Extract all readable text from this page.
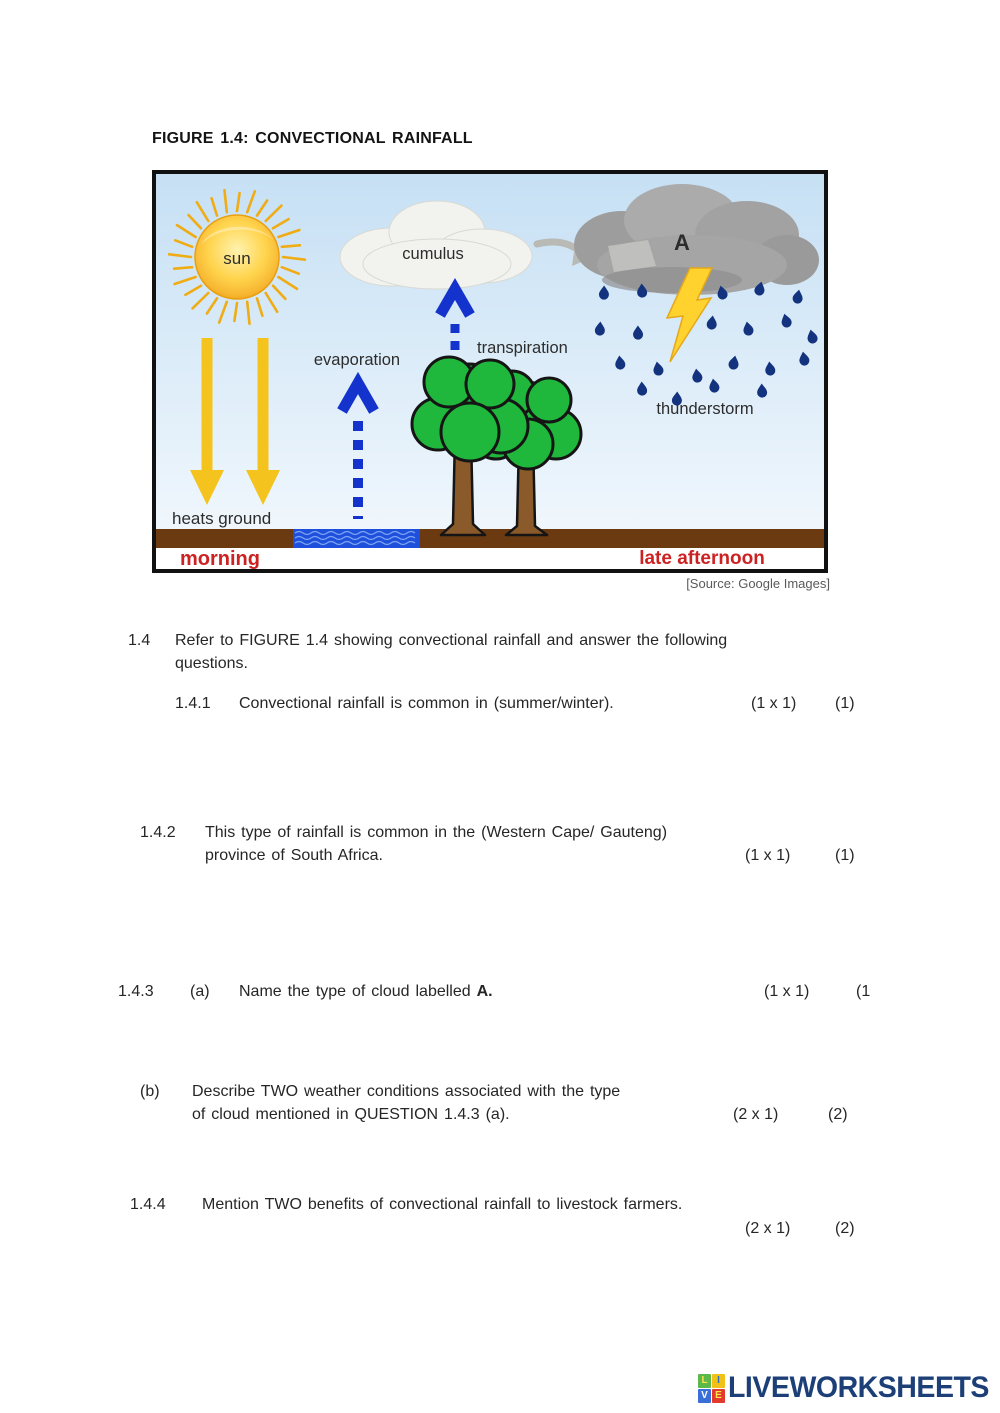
FIGURE 1.4: CONVECTIONAL RAINFALL
sun
heats ground
cumulus	A
thunderstorm
evaporation
transpiration
morning	late afternoon
[Source: Google Images]
1.4 Refer to FIGURE 1.4 showing convectional rainfall and answer the following
questions.
1.4.1 Convectional rainfall is common in (summer/winter).	(1 x 1) (1)
1.4.2 This type of rainfall is common in the (Western Cape/ Gauteng)
province of South Africa.	(1 x 1)	(1)
1.4.3 (a) Name the type of cloud labelled A.	(1 x 1)	(1
(b) Describe TWO weather conditions associated with the type
of cloud mentioned in QUESTION 1.4.3 (a).	(2 x 1)	(2)
1.4.4 Mention TWO benefits of convectional rainfall to livestock farmers.
(2 x 1)	(2)
L I
V E LIVEWORKSHEETS
